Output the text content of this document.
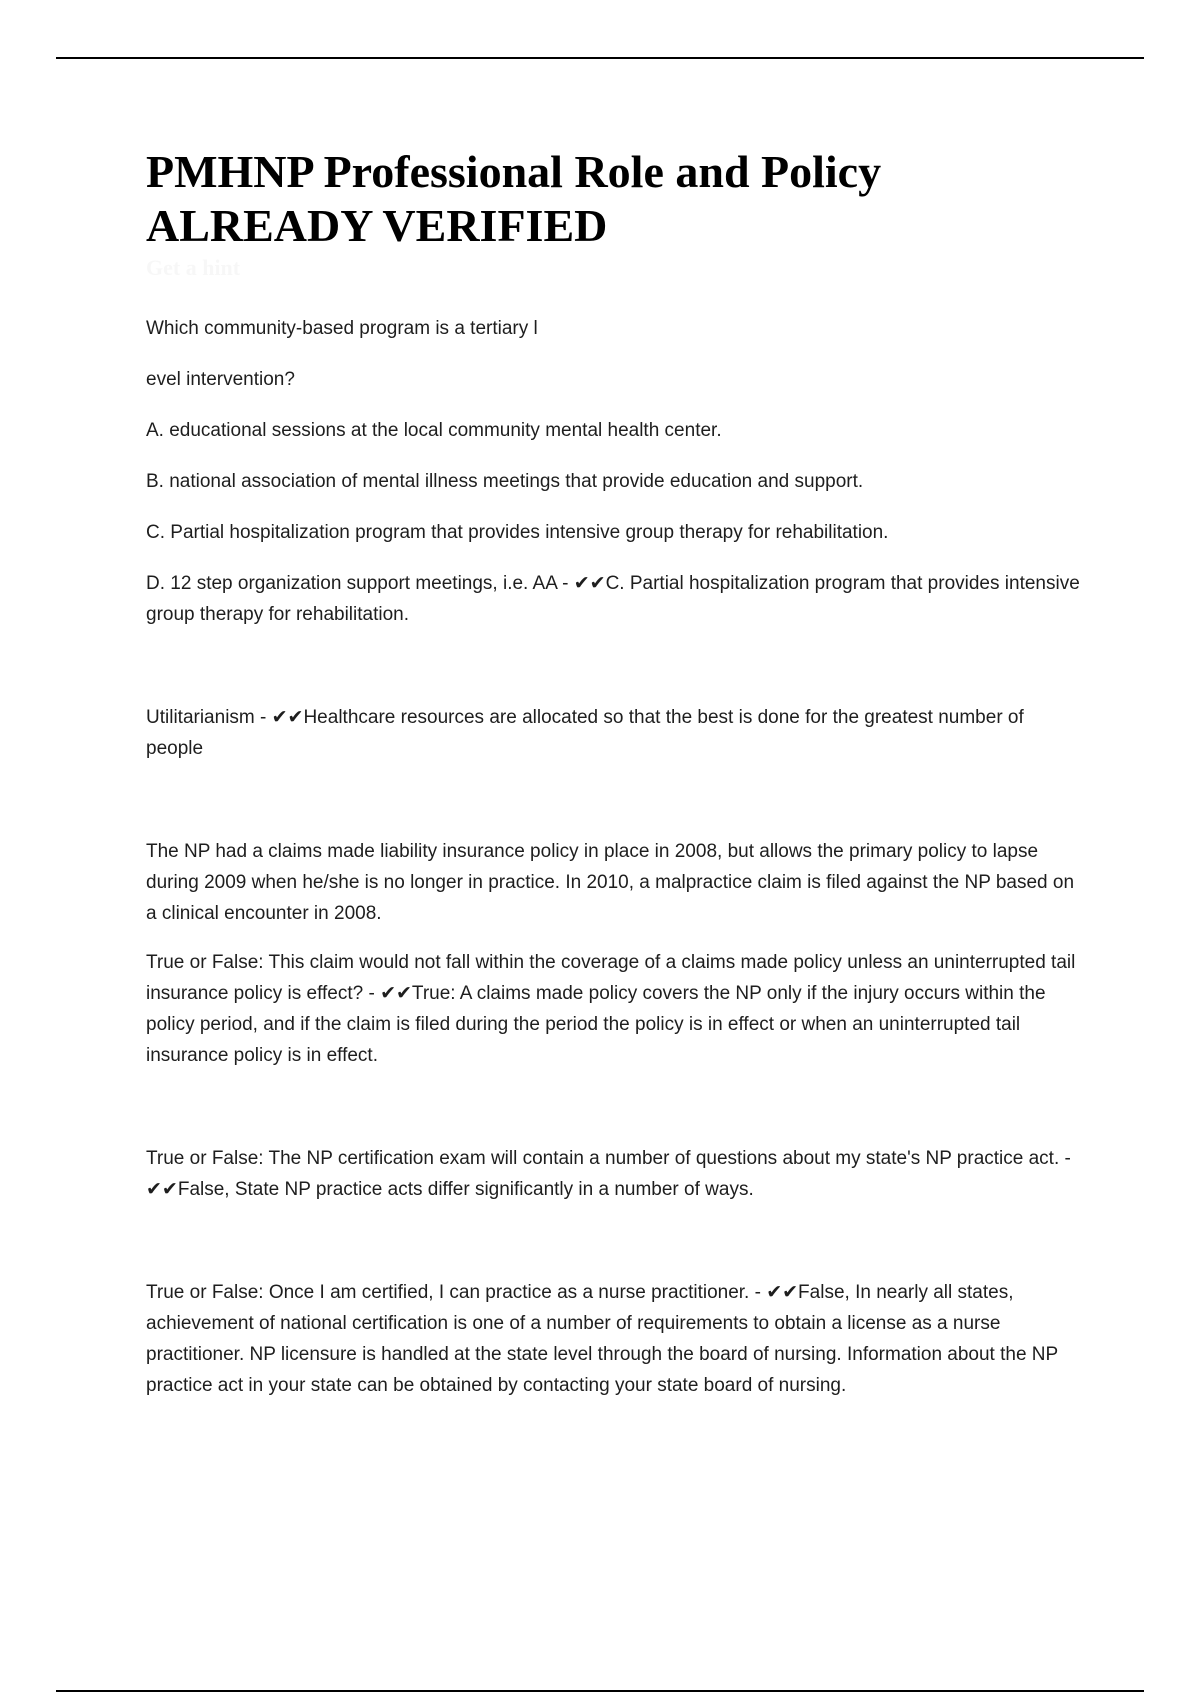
PMHNP Professional Role and Policy
ALREADY VERIFIED
Get a hint

Which community-based program is a tertiary l

evel intervention?

A. educational sessions at the local community mental health center.

B. national association of mental illness meetings that provide education and support.

C. Partial hospitalization program that provides intensive group therapy for rehabilitation.

D. 12 step organization support meetings, i.e. AA - ✔✔C. Partial hospitalization program that provides intensive group therapy for rehabilitation.

Utilitarianism - ✔✔Healthcare resources are allocated so that the best is done for the greatest number of people

The NP had a claims made liability insurance policy in place in 2008, but allows the primary policy to lapse during 2009 when he/she is no longer in practice. In 2010, a malpractice claim is filed against the NP based on a clinical encounter in 2008.

True or False: This claim would not fall within the coverage of a claims made policy unless an uninterrupted tail insurance policy is effect? - ✔✔True: A claims made policy covers the NP only if the injury occurs within the policy period, and if the claim is filed during the period the policy is in effect or when an uninterrupted tail insurance policy is in effect.

True or False: The NP certification exam will contain a number of questions about my state's NP practice act. - ✔✔False, State NP practice acts differ significantly in a number of ways.

True or False: Once I am certified, I can practice as a nurse practitioner. - ✔✔False, In nearly all states, achievement of national certification is one of a number of requirements to obtain a license as a nurse practitioner. NP licensure is handled at the state level through the board of nursing. Information about the NP practice act in your state can be obtained by contacting your state board of nursing.
